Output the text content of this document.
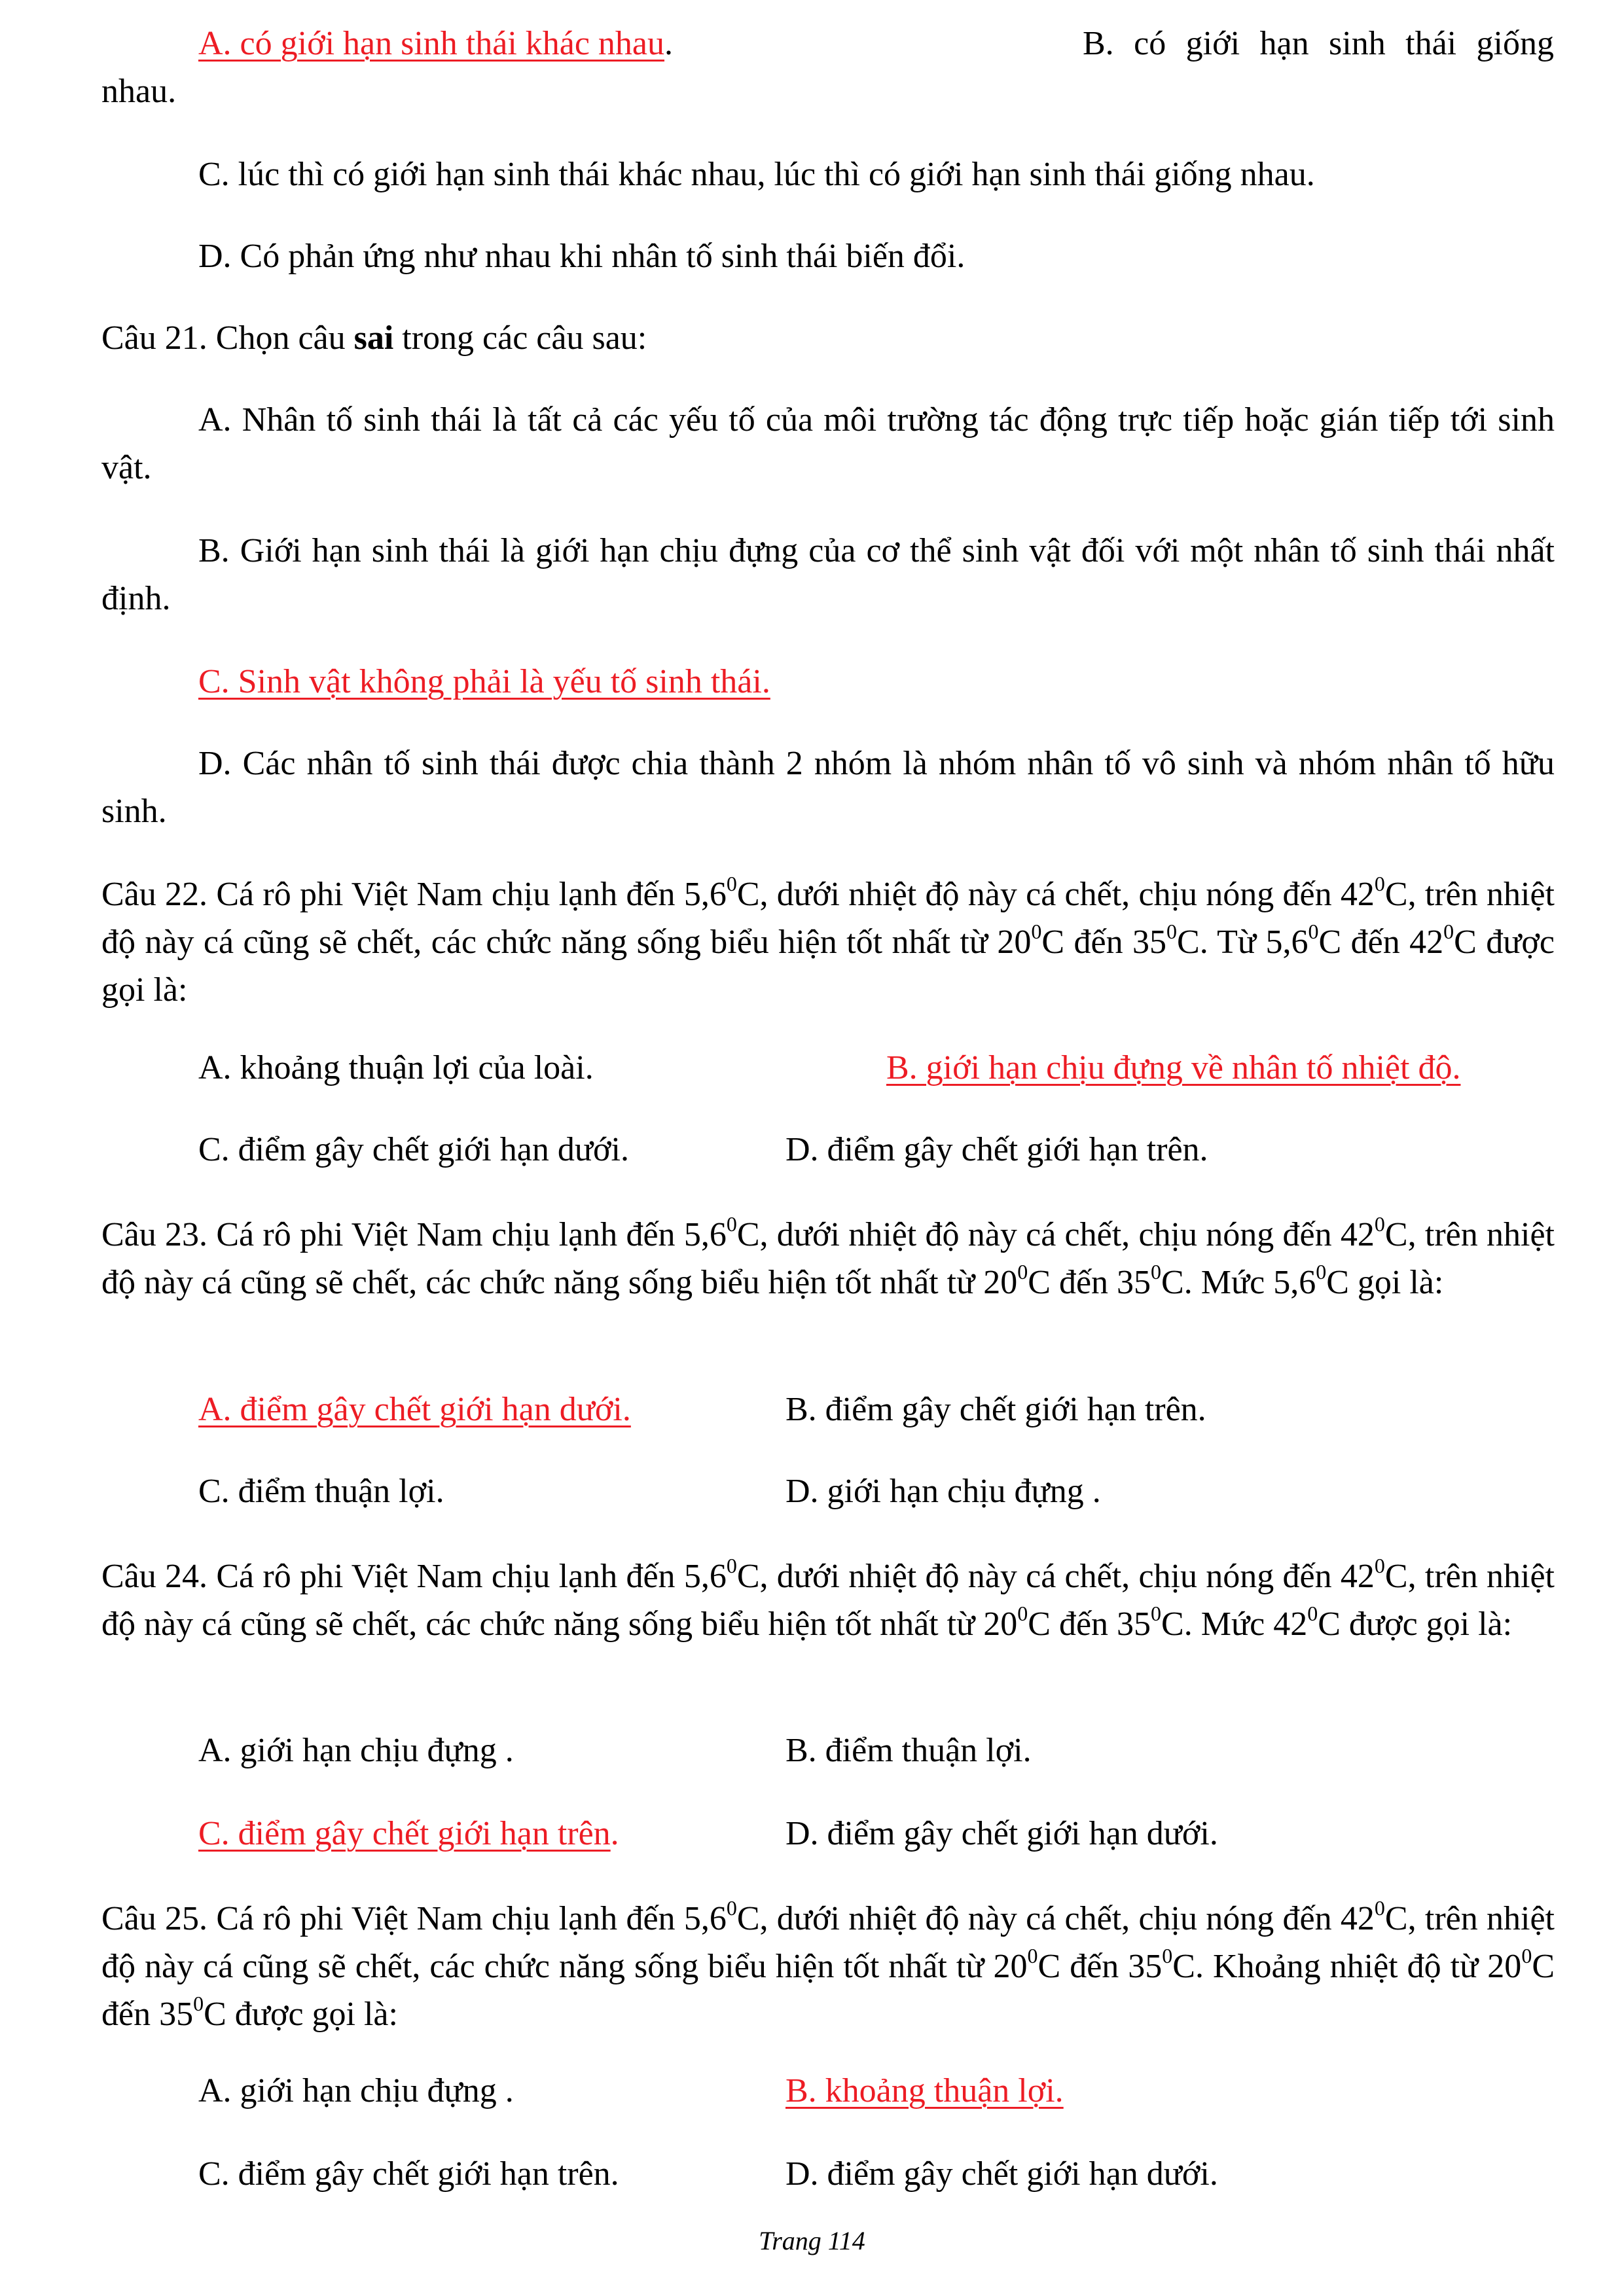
A. có giới hạn sinh thái khác nhau.	B. có giới hạn sinh thái giống
nhau.
C. lúc thì có giới hạn sinh thái khác nhau, lúc thì có giới hạn sinh thái giống nhau.
D. Có phản ứng như nhau khi nhân tố sinh thái biến đổi.
Câu 21. Chọn câu sai trong các câu sau:
A. Nhân tố sinh thái là tất cả các yếu tố của môi trường tác động trực tiếp hoặc gián tiếp tới sinh vật.
B. Giới hạn sinh thái là giới hạn chịu đựng của cơ thể sinh vật đối với một nhân tố sinh thái nhất định.
C. Sinh vật không phải là yếu tố sinh thái.
D. Các nhân tố sinh thái được chia thành 2 nhóm là nhóm nhân tố vô sinh và nhóm nhân tố hữu sinh.
Câu 22. Cá rô phi Việt Nam chịu lạnh đến $5,6^0C$, dưới nhiệt độ này cá chết, chịu nóng đến $42^0C$, trên nhiệt độ này cá cũng sẽ chết, các chức năng sống biểu hiện tốt nhất từ $20^0C$ đến $35^0C$. Từ $5,6^0C$ đến $42^0C$ được gọi là:
A. khoảng thuận lợi của loài.	B. giới hạn chịu đựng về nhân tố nhiệt độ.
C. điểm gây chết giới hạn dưới.	D. điểm gây chết giới hạn trên.
Câu 23. Cá rô phi Việt Nam chịu lạnh đến $5,6^0C$, dưới nhiệt độ này cá chết, chịu nóng đến $42^0C$, trên nhiệt độ này cá cũng sẽ chết, các chức năng sống biểu hiện tốt nhất từ $20^0C$ đến $35^0C$. Mức $5,6^0C$ gọi là:
A. điểm gây chết giới hạn dưới.	B. điểm gây chết giới hạn trên.
C. điểm thuận lợi.	D. giới hạn chịu đựng .
Câu 24. Cá rô phi Việt Nam chịu lạnh đến $5,6^0C$, dưới nhiệt độ này cá chết, chịu nóng đến $42^0C$, trên nhiệt độ này cá cũng sẽ chết, các chức năng sống biểu hiện tốt nhất từ $20^0C$ đến $35^0C$. Mức $42^0C$ được gọi là:
A. giới hạn chịu đựng .	B. điểm thuận lợi.
C. điểm gây chết giới hạn trên.	D. điểm gây chết giới hạn dưới.
Câu 25. Cá rô phi Việt Nam chịu lạnh đến $5,6^0C$, dưới nhiệt độ này cá chết, chịu nóng đến $42^0C$, trên nhiệt độ này cá cũng sẽ chết, các chức năng sống biểu hiện tốt nhất từ $20^0C$ đến $35^0C$. Khoảng nhiệt độ từ $20^0C$ đến $35^0C$ được gọi là:
A. giới hạn chịu đựng .	B. khoảng thuận lợi.
C. điểm gây chết giới hạn trên.	D. điểm gây chết giới hạn dưới.
Trang 114
